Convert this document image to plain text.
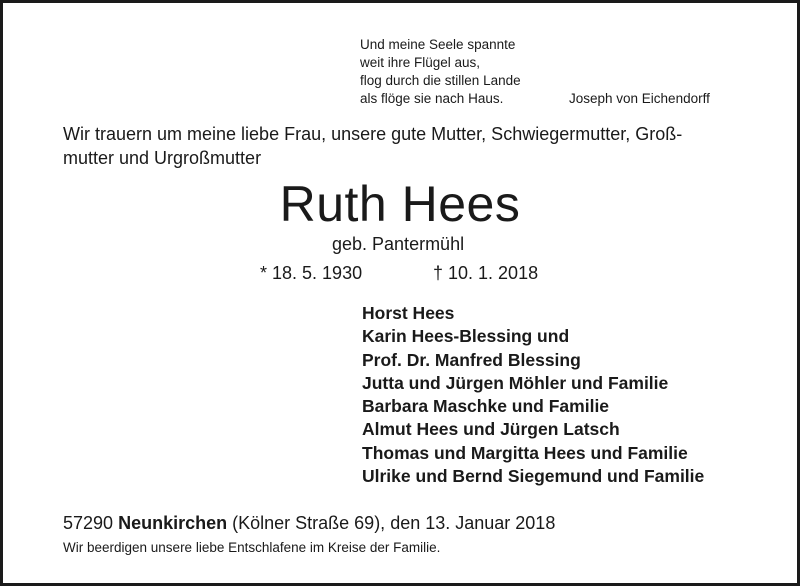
Und meine Seele spannte
weit ihre Flügel aus,
flog durch die stillen Lande
als flöge sie nach Haus.	Joseph von Eichendorff
Wir trauern um meine liebe Frau, unsere gute Mutter, Schwiegermutter, Groß-
mutter und Urgroßmutter
Ruth Hees
geb. Pantermühl
* 18. 5. 1930	† 10. 1. 2018
Horst Hees
Karin Hees-Blessing und
Prof. Dr. Manfred Blessing
Jutta und Jürgen Möhler und Familie
Barbara Maschke und Familie
Almut Hees und Jürgen Latsch
Thomas und Margitta Hees und Familie
Ulrike und Bernd Siegemund und Familie
57290 Neunkirchen (Kölner Straße 69), den 13. Januar 2018
Wir beerdigen unsere liebe Entschlafene im Kreise der Familie.
